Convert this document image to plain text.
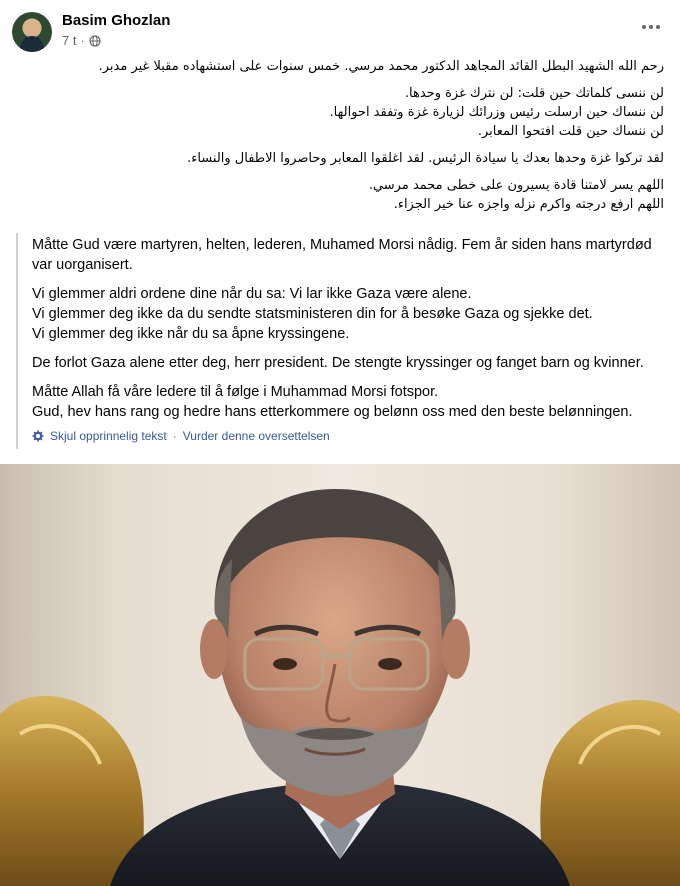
Basim Ghozlan
7 t ·

رحم الله الشهيد البطل القائد المجاهد الدكتور محمد مرسي. خمس سنوات على استشهاده مقبلا غير مدبر.

لن ننسى كلماتك حين قلت: لن نترك غزة وحدها.
لن ننساك حين ارسلت رئيس وزرائك لزيارة غزة وتفقد احوالها.
لن ننساك حين قلت افتحوا المعابر.

لقد تركوا غزة وحدها بعدك يا سيادة الرئيس. لقد اغلقوا المعابر وحاصروا الاطفال والنساء.

اللهم يسر لامتنا قادة يسيرون على خطى محمد مرسي.
اللهم ارفع درجته واكرم نزله واجزه عنا خير الجزاء.

Måtte Gud være martyren, helten, lederen, Muhamed Morsi nådig. Fem år siden hans martyrdød var uorganisert.

Vi glemmer aldri ordene dine når du sa: Vi lar ikke Gaza være alene.
Vi glemmer deg ikke da du sendte statsministeren din for å besøke Gaza og sjekke det.
Vi glemmer deg ikke når du sa åpne kryssingene.

De forlot Gaza alene etter deg, herr president. De stengte kryssinger og fanget barn og kvinner.

Måtte Allah få våre ledere til å følge i Muhammad Morsi fotspor.
Gud, hev hans rang og hedre hans etterkommere og belønn oss med den beste belønningen.

Skjul opprinnelig tekst · Vurder denne oversettelsen
